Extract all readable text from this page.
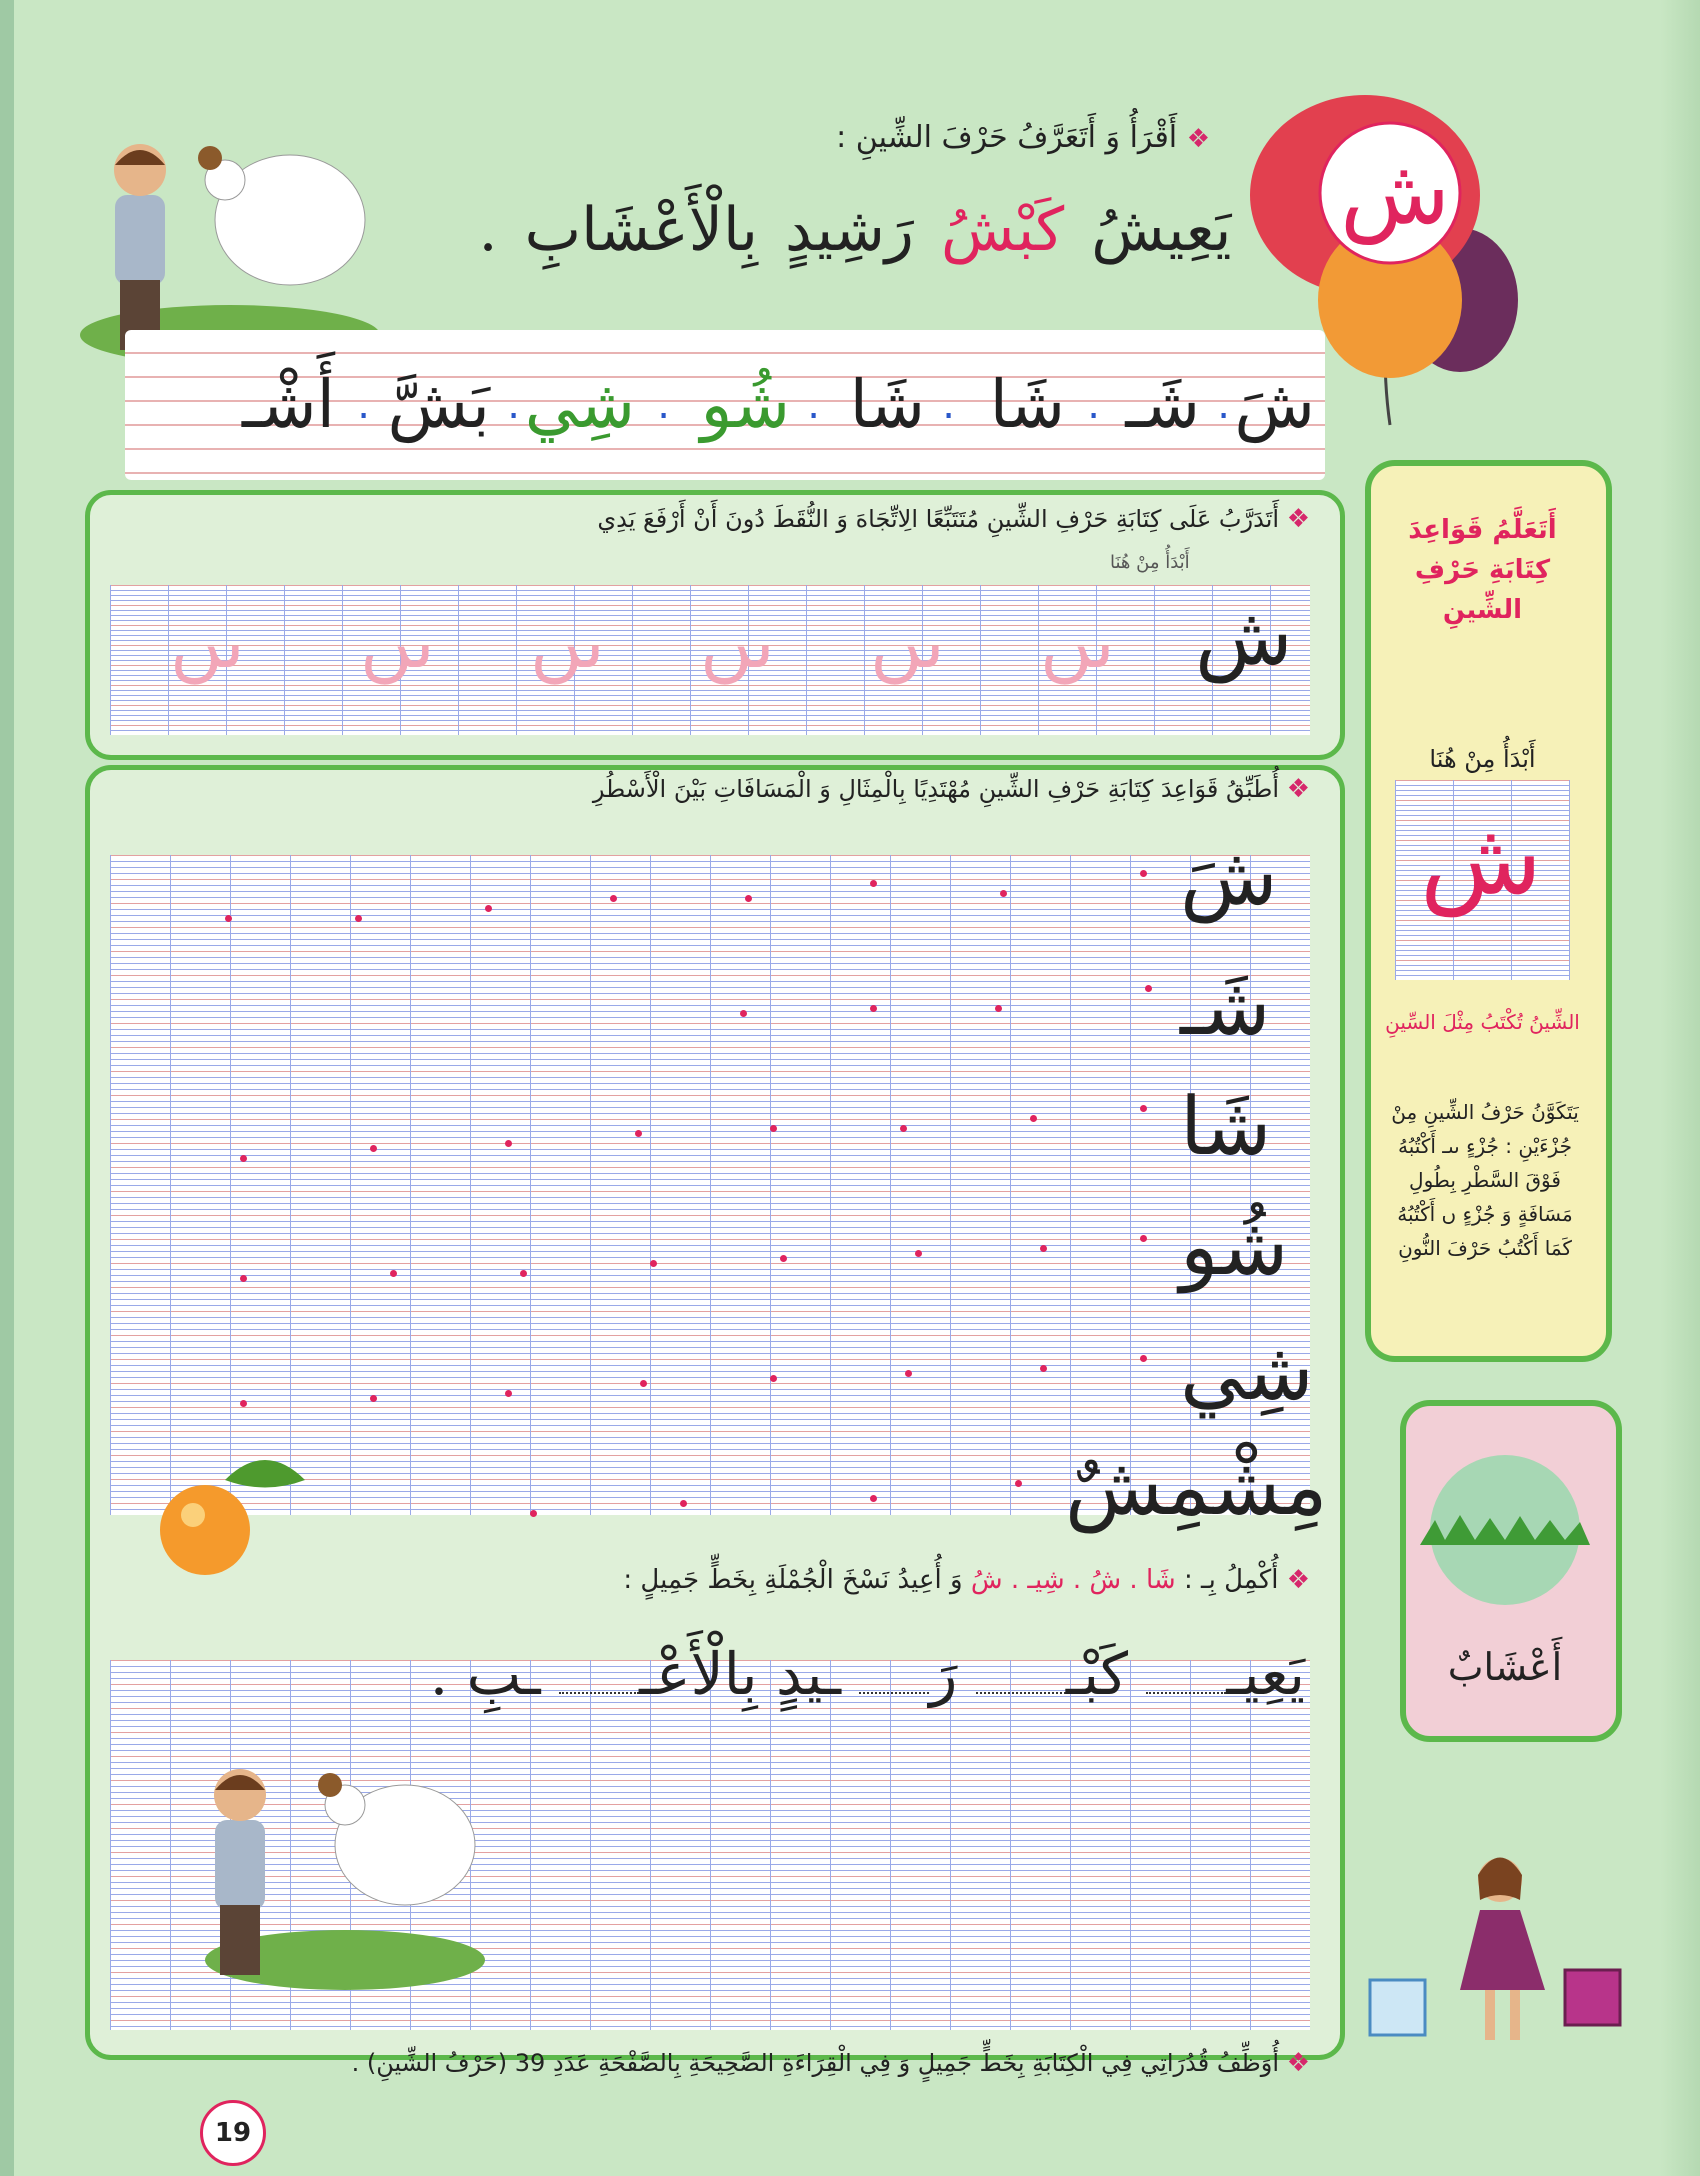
ش
❖ أَقْرَأُ وَ أَتَعَرَّفُ حَرْفَ الشِّينِ :
يَعِيشُ كَبْشُ رَشِيدٍ بِالْأَعْشَابِ .
شَ
.
شَـ
.
شَا
.
شَا
.
شُو
.
شِي
.
بَشَّ
.
أَشْـ
❖ أَتَدَرَّبُ عَلَى كِتَابَةِ حَرْفِ الشِّينِ مُتَتَبِّعًا الِاتِّجَاهَ وَ النُّقَطَ دُونَ أَنْ أَرْفَعَ يَدِي
أَبْدَأُ مِنْ هُنَا
ش
ىں
ىں
ىں
ىں
ىں
ىں
❖ أُطَبِّقُ قَوَاعِدَ كِتَابَةِ حَرْفِ الشِّينِ مُهْتَدِيًا بِالْمِثَالِ وَ الْمَسَافَاتِ بَيْنَ الْأَسْطُرِ
شَ
شَـ
شَا
شُو
شِي
مِشْمِشٌ
❖ أُكْمِلُ بِـ : شَا . شُ . شِيـ . شُ وَ أُعِيدُ نَسْخَ الْجُمْلَةِ بِخَطٍّ جَمِيلٍ :
يَعِيـ كَبْـ رَ ـيدٍ بِالْأَعْـ ـبِ .
❖ أُوَظِّفُ قُدُرَاتِي فِي الْكِتَابَةِ بِخَطٍّ جَمِيلٍ وَ فِي الْقِرَاءَةِ الصَّحِيحَةِ بِالصَّفْحَةِ عَدَدِ 39 (حَرْفُ الشِّينِ) .
19
أَتَعَلَّمُ قَوَاعِدَ كِتَابَةِ حَرْفِ الشِّينِ
أَبْدَأُ مِنْ هُنَا
ش
الشِّينُ تُكْتَبُ مِثْلَ السِّينِ
يَتَكَوَّنُ حَرْفُ الشِّينِ مِنْ جُزْءَيْنِ : جُزْءٍ ىىـ أَكْتُبُهُ فَوْقَ السَّطْرِ بِطُولِ مَسَافَةٍ وَ جُزْءٍ ں أَكْتُبُهُ كَمَا أَكْتُبُ حَرْفَ النُّونِ
أَعْشَابٌ
